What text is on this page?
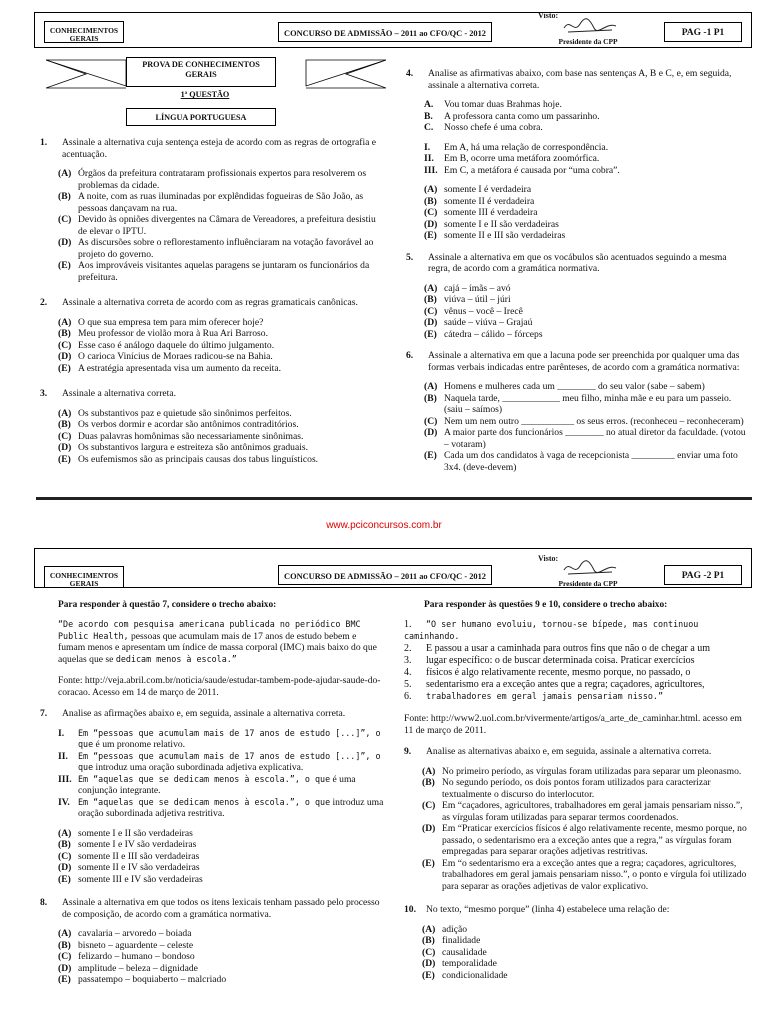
CONHECIMENTOS GERAIS
CONCURSO DE ADMISSÃO – 2011 ao CFO/QC - 2012
Visto:
Presidente da CPP
PAG -1 P1
PROVA DE CONHECIMENTOS GERAIS
1ª QUESTÃO
LÍNGUA PORTUGUESA

1. Assinale a alternativa cuja sentença esteja de acordo com as regras de ortografia e acentuação.

(A) Órgãos da prefeitura contrataram profissionais expertos para resolverem os problemas da cidade.

(B) A noite, com as ruas iluminadas por explêndidas fogueiras de São João, as pessoas dançavam na rua.

(C) Devido às opniões divergentes na Câmara de Vereadores, a prefeitura desistiu de elevar o IPTU.

(D) As discursões sobre o reflorestamento influênciaram na votação favorável ao projeto do governo.

(E) Aos improváveis visitantes aquelas paragens se juntaram os funcionários da prefeitura.

2. Assinale a alternativa correta de acordo com as regras gramaticais canônicas.

(A) O que sua empresa tem para mim oferecer hoje?

(B) Meu professor de violão mora à Rua Ari Barroso.

(C) Esse caso é análogo daquele do último julgamento.

(D) O carioca Vinícius de Moraes radicou-se na Bahia.

(E) A estratégia apresentada visa um aumento da receita.

3. Assinale a alternativa correta.

(A) Os substantivos paz e quietude são sinônimos perfeitos.

(B) Os verbos dormir e acordar são antônimos contraditórios.

(C) Duas palavras homônimas são necessariamente sinônimas.

(D) Os substantivos largura e estreiteza são antônimos graduais.

(E) Os eufemismos são as principais causas dos tabus linguísticos.

4. Analise as afirmativas abaixo, com base nas sentenças A, B e C, e, em seguida, assinale a alternativa correta.

A. Vou tomar duas Brahmas hoje.

B. A professora canta como um passarinho.

C. Nosso chefe é uma cobra.

I. Em A, há uma relação de correspondência.

II. Em B, ocorre uma metáfora zoomórfica.

III. Em C, a metáfora é causada por “uma cobra”.

(A) somente I é verdadeira

(B) somente II é verdadeira

(C) somente III é verdadeira

(D) somente I e II são verdadeiras

(E) somente II e III são verdadeiras

5. Assinale a alternativa em que os vocábulos são acentuados seguindo a mesma regra, de acordo com a gramática normativa.

(A) cajá – ímãs – avó

(B) viúva – útil – júri

(C) vênus – você – Irecê

(D) saúde – viúva – Grajaú

(E) cátedra – cálido – fórceps

6. Assinale a alternativa em que a lacuna pode ser preenchida por qualquer uma das formas verbais indicadas entre parênteses, de acordo com a gramática normativa:

(A) Homens e mulheres cada um ________ do seu valor (sabe – sabem)

(B) Naquela tarde, ____________ meu filho, minha mãe e eu para um passeio. (saiu – saímos)

(C) Nem um nem outro ___________ os seus erros. (reconheceu – reconheceram)

(D) A maior parte dos funcionários ________ no atual diretor da faculdade. (votou – votaram)

(E) Cada um dos candidatos à vaga de recepcionista _________ enviar uma foto 3x4. (deve-devem)

www.pciconcursos.com.br
CONHECIMENTOS GERAIS
CONCURSO DE ADMISSÃO – 2011 ao CFO/QC - 2012
Visto:
Presidente da CPP
PAG -2 P1

Para responder à questão 7, considere o trecho abaixo:

“De acordo com pesquisa americana publicada no periódico BMC Public Health, pessoas que acumulam mais de 17 anos de estudo bebem e fumam menos e apresentam um índice de massa corporal (IMC) mais baixo do que aquelas que se dedicam menos à escola.”

Fonte: http://veja.abril.com.br/noticia/saude/estudar-tambem-pode-ajudar-saude-do-coracao. Acesso em 14 de março de 2011.

7. Analise as afirmações abaixo e, em seguida, assinale a alternativa correta.

I. Em “pessoas que acumulam mais de 17 anos de estudo [...]”, o que é um pronome relativo.

II. Em “pessoas que acumulam mais de 17 anos de estudo [...]”, o que introduz uma oração subordinada adjetiva explicativa.

III. Em “aquelas que se dedicam menos à escola.”, o que é uma conjunção integrante.

IV. Em “aquelas que se dedicam menos à escola.”, o que introduz uma oração subordinada adjetiva restritiva.

(A) somente I e II são verdadeiras

(B) somente I e IV são verdadeiras

(C) somente II e III são verdadeiras

(D) somente II e IV são verdadeiras

(E) somente III e IV são verdadeiras

8. Assinale a alternativa em que todos os itens lexicais tenham passado pelo processo de composição, de acordo com a gramática normativa.

(A) cavalaria – arvoredo – boiada

(B) bisneto – aguardente – celeste

(C) felizardo – humano – bondoso

(D) amplitude – beleza – dignidade

(E) passatempo – boquiaberto – malcriado

Para responder às questões 9 e 10, considere o trecho abaixo:

1. “O ser humano evoluiu, tornou-se bípede, mas continuou caminhando.

2. E passou a usar a caminhada para outros fins que não o de chegar a um

3. lugar específico: o de buscar determinada coisa. Praticar exercícios

4. físicos é algo relativamente recente, mesmo porque, no passado, o

5. sedentarismo era a exceção antes que a regra; caçadores, agricultores,

6. trabalhadores em geral jamais pensariam nisso.”

Fonte: http://www2.uol.com.br/vivermente/artigos/a_arte_de_caminhar.html. acesso em 11 de março de 2011.

9. Analise as alternativas abaixo e, em seguida, assinale a alternativa correta.

(A) No primeiro período, as vírgulas foram utilizadas para separar um pleonasmo.

(B) No segundo período, os dois pontos foram utilizados para caracterizar textualmente o discurso do interlocutor.

(C) Em “caçadores, agricultores, trabalhadores em geral jamais pensariam nisso.”, as vírgulas foram utilizadas para separar termos coordenados.

(D) Em “Praticar exercícios físicos é algo relativamente recente, mesmo porque, no passado, o sedentarismo era a exceção antes que a regra,” as vírgulas foram empregadas para separar orações adjetivas restritivas.

(E) Em “o sedentarismo era a exceção antes que a regra; caçadores, agricultores, trabalhadores em geral jamais pensariam nisso.”, o ponto e vírgula foi utilizado para separar as orações adjetivas de valor explicativo.

10. No texto, “mesmo porque” (linha 4) estabelece uma relação de:

(A) adição

(B) finalidade

(C) causalidade

(D) temporalidade

(E) condicionalidade
